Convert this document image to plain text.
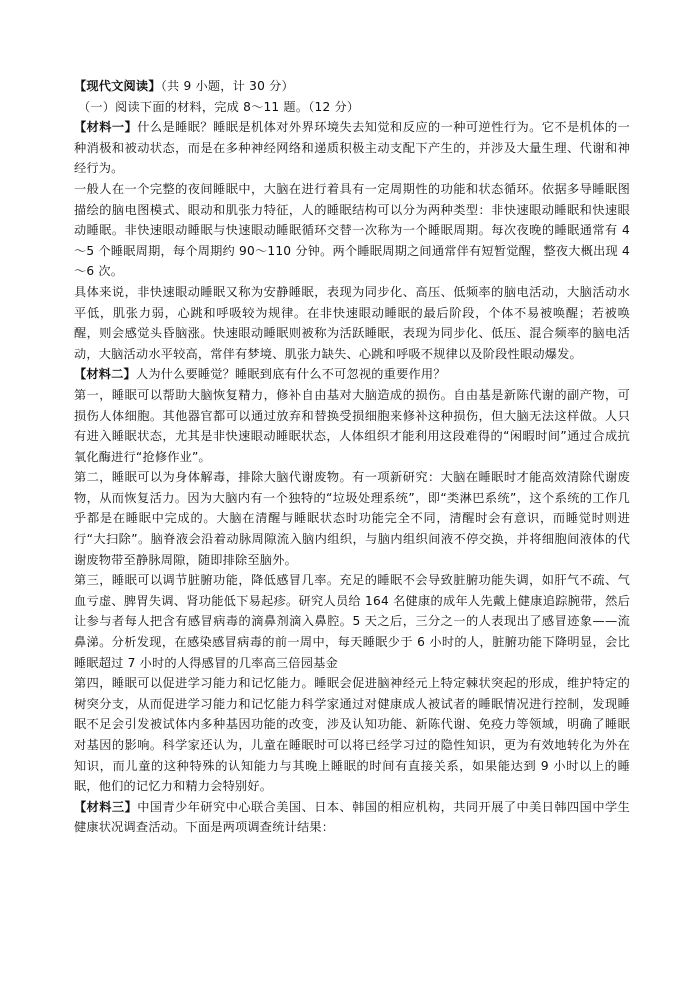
【现代文阅读】（共 9 小题，计 30 分）

（一）阅读下面的材料，完成 8～11 题。（12 分）

【材料一】什么是睡眠？睡眠是机体对外界环境失去知觉和反应的一种可逆性行为。它不是机体的一种消极和被动状态，而是在多种神经网络和递质积极主动支配下产生的，并涉及大量生理、代谢和神经行为。

一般人在一个完整的夜间睡眠中，大脑在进行着具有一定周期性的功能和状态循环。依据多导睡眠图描绘的脑电图模式、眼动和肌张力特征，人的睡眠结构可以分为两种类型：非快速眼动睡眠和快速眼动睡眠。非快速眼动睡眠与快速眼动睡眠循环交替一次称为一个睡眠周期。每次夜晚的睡眠通常有 4～5 个睡眠周期，每个周期约 90～110 分钟。两个睡眠周期之间通常伴有短暂觉醒，整夜大概出现 4～6 次。

具体来说，非快速眼动睡眠又称为安静睡眠，表现为同步化、高压、低频率的脑电活动，大脑活动水平低，肌张力弱，心跳和呼吸较为规律。在非快速眼动睡眠的最后阶段，个体不易被唤醒；若被唤醒，则会感觉头昏脑涨。快速眼动睡眠则被称为活跃睡眠，表现为同步化、低压、混合频率的脑电活动，大脑活动水平较高，常伴有梦境、肌张力缺失、心跳和呼吸不规律以及阶段性眼动爆发。

【材料二】人为什么要睡觉？睡眠到底有什么不可忽视的重要作用？

第一，睡眠可以帮助大脑恢复精力，修补自由基对大脑造成的损伤。自由基是新陈代谢的副产物，可损伤人体细胞。其他器官都可以通过放弃和替换受损细胞来修补这种损伤，但大脑无法这样做。人只有进入睡眠状态，尤其是非快速眼动睡眠状态，人体组织才能利用这段难得的“闲暇时间”通过合成抗氧化酶进行“抢修作业”。

第二，睡眠可以为身体解毒，排除大脑代谢废物。有一项新研究：大脑在睡眠时才能高效清除代谢废物，从而恢复活力。因为大脑内有一个独特的“垃圾处理系统”，即“类淋巴系统”，这个系统的工作几乎都是在睡眠中完成的。大脑在清醒与睡眠状态时功能完全不同，清醒时会有意识，而睡觉时则进行“大扫除”。脑脊液会沿着动脉周隙流入脑内组织，与脑内组织间液不停交换，并将细胞间液体的代谢废物带至静脉周隙，随即排除至脑外。

第三，睡眠可以调节脏腑功能，降低感冒几率。充足的睡眠不会导致脏腑功能失调，如肝气不疏、气血亏虚、脾胃失调、肾功能低下易起疹。研究人员给 164 名健康的成年人先戴上健康追踪腕带，然后让参与者每人把含有感冒病毒的滴鼻剂滴入鼻腔。5 天之后，三分之一的人表现出了感冒迹象——流鼻涕。分析发现，在感染感冒病毒的前一周中，每天睡眠少于 6 小时的人，脏腑功能下降明显，会比睡眠超过 7 小时的人得感冒的几率高三倍园基金

第四，睡眠可以促进学习能力和记忆能力。睡眠会促进脑神经元上特定棘状突起的形成，维护特定的树突分支，从而促进学习能力和记忆能力科学家通过对健康成人被试者的睡眠情况进行控制，发现睡眠不足会引发被试体内多种基因功能的改变，涉及认知功能、新陈代谢、免疫力等领域，明确了睡眠对基因的影响。科学家还认为，儿童在睡眠时可以将已经学习过的隐性知识，更为有效地转化为外在知识，而儿童的这种特殊的认知能力与其晚上睡眠的时间有直接关系，如果能达到 9 小时以上的睡眠，他们的记忆力和精力会特别好。

【材料三】中国青少年研究中心联合美国、日本、韩国的相应机构，共同开展了中美日韩四国中学生健康状况调查活动。下面是两项调查统计结果：
